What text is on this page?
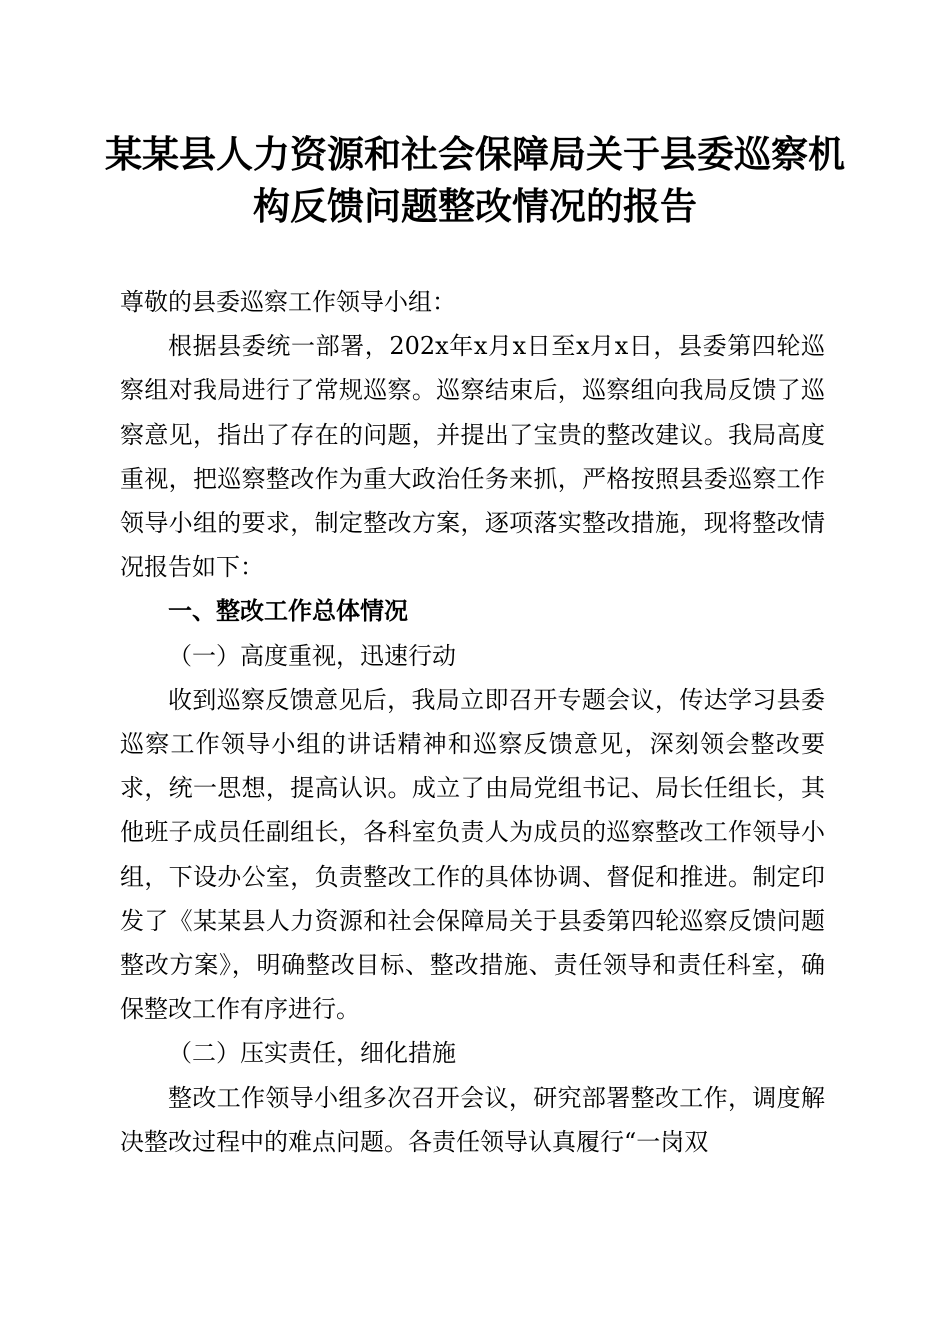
某某县人力资源和社会保障局关于县委巡察机构反馈问题整改情况的报告

尊敬的县委巡察工作领导小组：

根据县委统一部署，202x年x月x日至x月x日，县委第四轮巡察组对我局进行了常规巡察。巡察结束后，巡察组向我局反馈了巡察意见，指出了存在的问题，并提出了宝贵的整改建议。我局高度重视，把巡察整改作为重大政治任务来抓，严格按照县委巡察工作领导小组的要求，制定整改方案，逐项落实整改措施，现将整改情况报告如下：

一、整改工作总体情况

（一）高度重视，迅速行动

收到巡察反馈意见后，我局立即召开专题会议，传达学习县委巡察工作领导小组的讲话精神和巡察反馈意见，深刻领会整改要求，统一思想，提高认识。成立了由局党组书记、局长任组长，其他班子成员任副组长，各科室负责人为成员的巡察整改工作领导小组，下设办公室，负责整改工作的具体协调、督促和推进。制定印发了《某某县人力资源和社会保障局关于县委第四轮巡察反馈问题整改方案》，明确整改目标、整改措施、责任领导和责任科室，确保整改工作有序进行。

（二）压实责任，细化措施

整改工作领导小组多次召开会议，研究部署整改工作，调度解决整改过程中的难点问题。各责任领导认真履行“一岗双
